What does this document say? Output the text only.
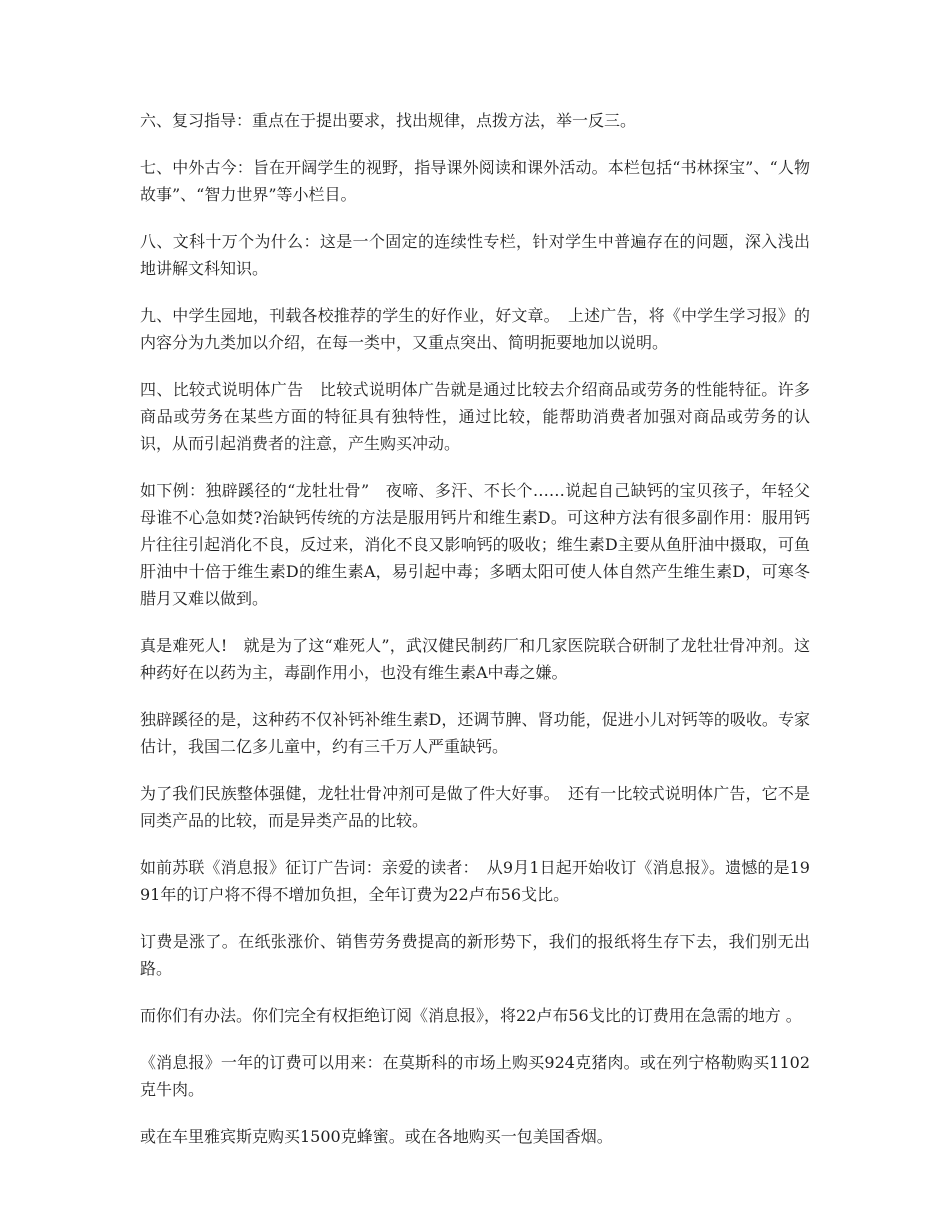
六、复习指导：重点在于提出要求，找出规律，点拨方法，举一反三。

七、中外古今：旨在开阔学生的视野，指导课外阅读和课外活动。本栏包括“书林探宝”、“人物故事”、“智力世界”等小栏目。

八、文科十万个为什么：这是一个固定的连续性专栏，针对学生中普遍存在的问题，深入浅出地讲解文科知识。

九、中学生园地，刊载各校推荐的学生的好作业，好文章。　上述广告，将《中学生学习报》的内容分为九类加以介绍，在每一类中，又重点突出、简明扼要地加以说明。

四、比较式说明体广告　比较式说明体广告就是通过比较去介绍商品或劳务的性能特征。许多商品或劳务在某些方面的特征具有独特性，通过比较，能帮助消费者加强对商品或劳务的认识，从而引起消费者的注意，产生购买冲动。

如下例：独辟蹊径的“龙牡壮骨”　夜啼、多汗、不长个……说起自己缺钙的宝贝孩子，年轻父母谁不心急如焚?治缺钙传统的方法是服用钙片和维生素D。可这种方法有很多副作用：服用钙片往往引起消化不良，反过来，消化不良又影响钙的吸收；维生素D主要从鱼肝油中摄取，可鱼肝油中十倍于维生素D的维生素A，易引起中毒；多晒太阳可使人体自然产生维生素D，可寒冬腊月又难以做到。

真是难死人!　就是为了这“难死人”，武汉健民制药厂和几家医院联合研制了龙牡壮骨冲剂。这种药好在以药为主，毒副作用小，也没有维生素A中毒之嫌。

独辟蹊径的是，这种药不仅补钙补维生素D，还调节脾、肾功能，促进小儿对钙等的吸收。专家估计，我国二亿多儿童中，约有三千万人严重缺钙。

为了我们民族整体强健，龙牡壮骨冲剂可是做了件大好事。　还有一比较式说明体广告，它不是同类产品的比较，而是异类产品的比较。

如前苏联《消息报》征订广告词：亲爱的读者：　从9月1日起开始收订《消息报》。遗憾的是1991年的订户将不得不增加负担，全年订费为22卢布56戈比。

订费是涨了。在纸张涨价、销售劳务费提高的新形势下，我们的报纸将生存下去，我们别无出路。

而你们有办法。你们完全有权拒绝订阅《消息报》，将22卢布56戈比的订费用在急需的地方 。

《消息报》一年的订费可以用来：在莫斯科的市场上购买924克猪肉。或在列宁格勒购买1102克牛肉。

或在车里雅宾斯克购买1500克蜂蜜。或在各地购买一包美国香烟。
